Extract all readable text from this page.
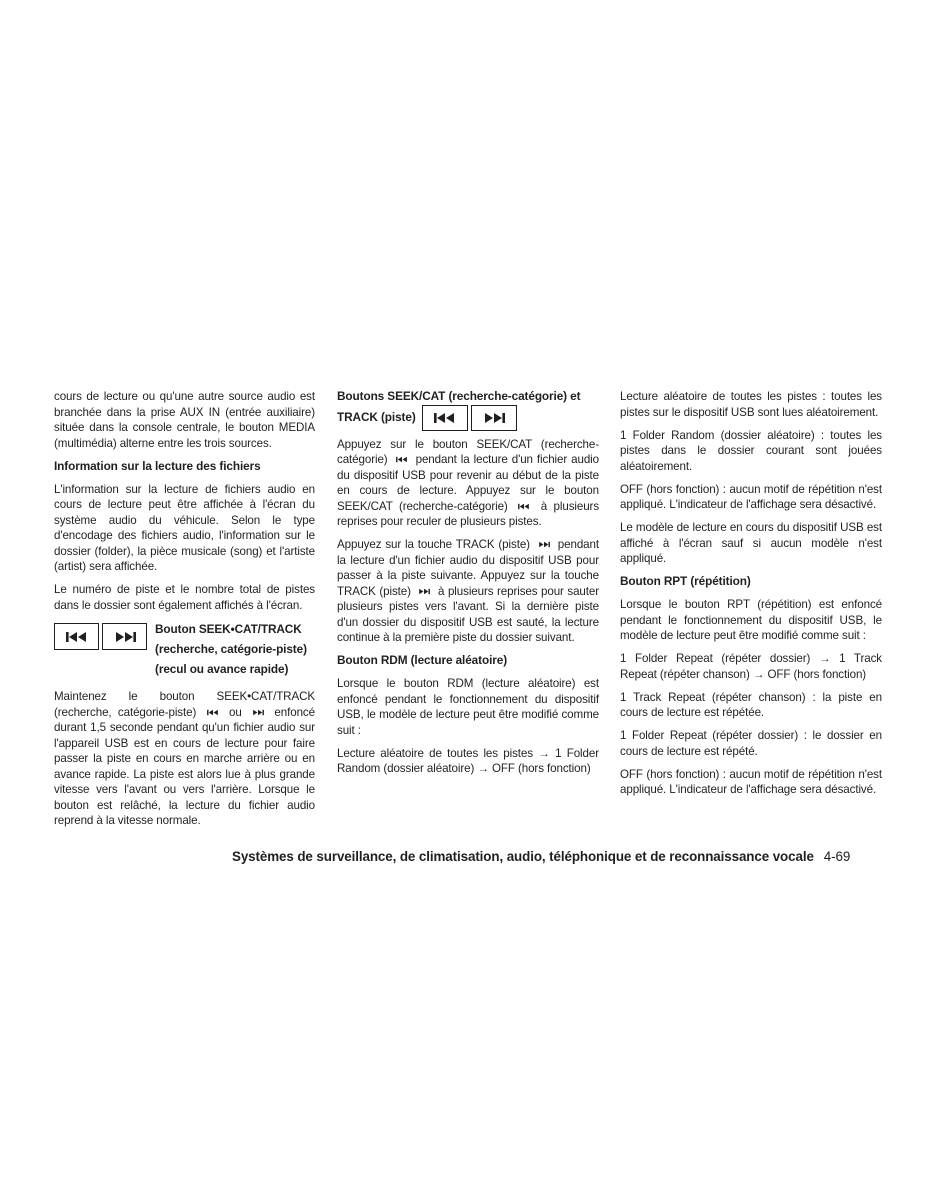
cours de lecture ou qu'une autre source audio est branchée dans la prise AUX IN (entrée auxiliaire) située dans la console centrale, le bouton MEDIA (multimédia) alterne entre les trois sources.

Information sur la lecture des fichiers

L'information sur la lecture de fichiers audio en cours de lecture peut être affichée à l'écran du système audio du véhicule. Selon le type d'encodage des fichiers audio, l'information sur le dossier (folder), la pièce musicale (song) et l'artiste (artist) sera affichée.

Le numéro de piste et le nombre total de pistes dans le dossier sont également affichés à l'écran.

Bouton SEEK•CAT/TRACK (recherche, catégorie-piste) (recul ou avance rapide)

Maintenez le bouton SEEK•CAT/TRACK (recherche, catégorie-piste)	ou	enfoncé durant 1,5 seconde pendant qu'un fichier audio sur l'appareil USB est en cours de lecture pour faire passer la piste en cours en marche arrière ou en avance rapide. La piste est alors lue à plus grande vitesse vers l'avant ou vers l'arrière. Lorsque le bouton est relâché, la lecture du fichier audio reprend à la vitesse normale.

Boutons SEEK/CAT (recherche-catégorie) et TRACK (piste)

Appuyez sur le bouton SEEK/CAT (recherche-catégorie) pendant la lecture d'un fichier audio du dispositif USB pour revenir au début de la piste en cours de lecture. Appuyez sur le bouton SEEK/CAT (recherche-catégorie)	à plusieurs reprises pour reculer de plusieurs pistes.

Appuyez sur la touche TRACK (piste) pendant la lecture d'un fichier audio du dispositif USB pour passer à la piste suivante. Appuyez sur la touche TRACK (piste) à plusieurs reprises pour sauter plusieurs pistes vers l'avant. Si la dernière piste d'un dossier du dispositif USB est sauté, la lecture continue à la première piste du dossier suivant.

Bouton RDM (lecture aléatoire)

Lorsque le bouton RDM (lecture aléatoire) est enfoncé pendant le fonctionnement du dispositif USB, le modèle de lecture peut être modifié comme suit :

Lecture aléatoire de toutes les pistes → 1 Folder Random (dossier aléatoire) → OFF (hors fonction)

Lecture aléatoire de toutes les pistes : toutes les pistes sur le dispositif USB sont lues aléatoirement.

1 Folder Random (dossier aléatoire) : toutes les pistes dans le dossier courant sont jouées aléatoirement.

OFF (hors fonction) : aucun motif de répétition n'est appliqué. L'indicateur de l'affichage sera désactivé.

Le modèle de lecture en cours du dispositif USB est affiché à l'écran sauf si aucun modèle n'est appliqué.

Bouton RPT (répétition)

Lorsque le bouton RPT (répétition) est enfoncé pendant le fonctionnement du dispositif USB, le modèle de lecture peut être modifié comme suit :

1 Folder Repeat (répéter dossier) → 1 Track Repeat (répéter chanson) → OFF (hors fonction)

1 Track Repeat (répéter chanson) : la piste en cours de lecture est répétée.

1 Folder Repeat (répéter dossier) : le dossier en cours de lecture est répété.

OFF (hors fonction) : aucun motif de répétition n'est appliqué. L'indicateur de l'affichage sera désactivé.

Systèmes de surveillance, de climatisation, audio, téléphonique et de reconnaissance vocale 4-69
